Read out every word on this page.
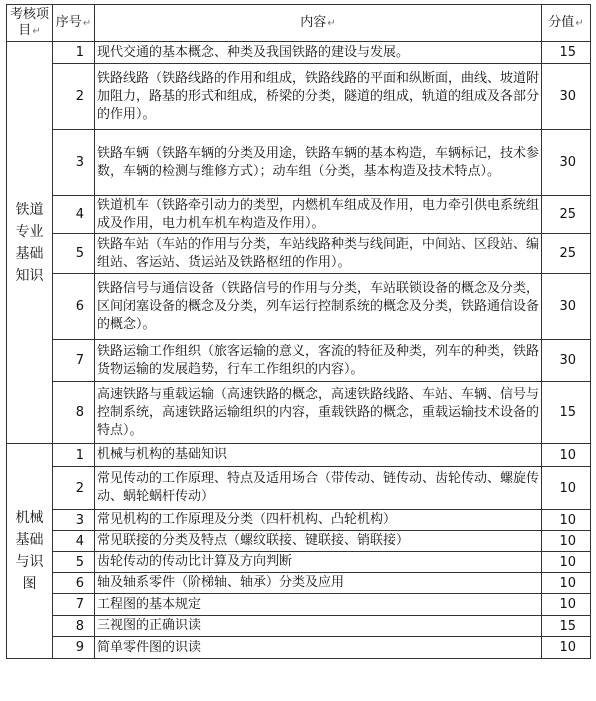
考核项目↵	序号↵	内容↵	分值↵

铁道
专业
基础
知识	1	现代交通的基本概念、种类及我国铁路的建设与发展。	15
	2	铁路线路（铁路线路的作用和组成，铁路线路的平面和纵断面，曲线、坡道附加阻力，路基的形式和组成，桥梁的分类，隧道的组成，轨道的组成及各部分的作用）。	30
	3	铁路车辆（铁路车辆的分类及用途，铁路车辆的基本构造，车辆标记，技术参数，车辆的检测与维修方式）；动车组（分类，基本构造及技术特点）。	30
	4	铁道机车（铁路牵引动力的类型，内燃机车组成及作用，电力牵引供电系统组成及作用，电力机车机车构造及作用）。	25
	5	铁路车站（车站的作用与分类，车站线路种类与线间距，中间站、区段站、编组站、客运站、货运站及铁路枢纽的作用）。	25
	6	铁路信号与通信设备（铁路信号的作用与分类，车站联锁设备的概念及分类，区间闭塞设备的概念及分类，列车运行控制系统的概念及分类，铁路通信设备的概念）。	30
	7	铁路运输工作组织（旅客运输的意义，客流的特征及种类，列车的种类，铁路货物运输的发展趋势，行车工作组织的内容）。	30
	8	高速铁路与重载运输（高速铁路的概念，高速铁路线路、车站、车辆、信号与控制系统，高速铁路运输组织的内容，重载铁路的概念，重载运输技术设备的特点）。	15

机械
基础
与识
图	1	机械与机构的基础知识	10
	2	常见传动的工作原理、特点及适用场合（带传动、链传动、齿轮传动、螺旋传动、蜗轮蜗杆传动）	10
	3	常见机构的工作原理及分类（四杆机构、凸轮机构）	10
	4	常见联接的分类及特点（螺纹联接、键联接、销联接）	10
	5	齿轮传动的传动比计算及方向判断	10
	6	轴及轴系零件（阶梯轴、轴承）分类及应用	10
	7	工程图的基本规定	10
	8	三视图的正确识读	15
	9	简单零件图的识读	10
